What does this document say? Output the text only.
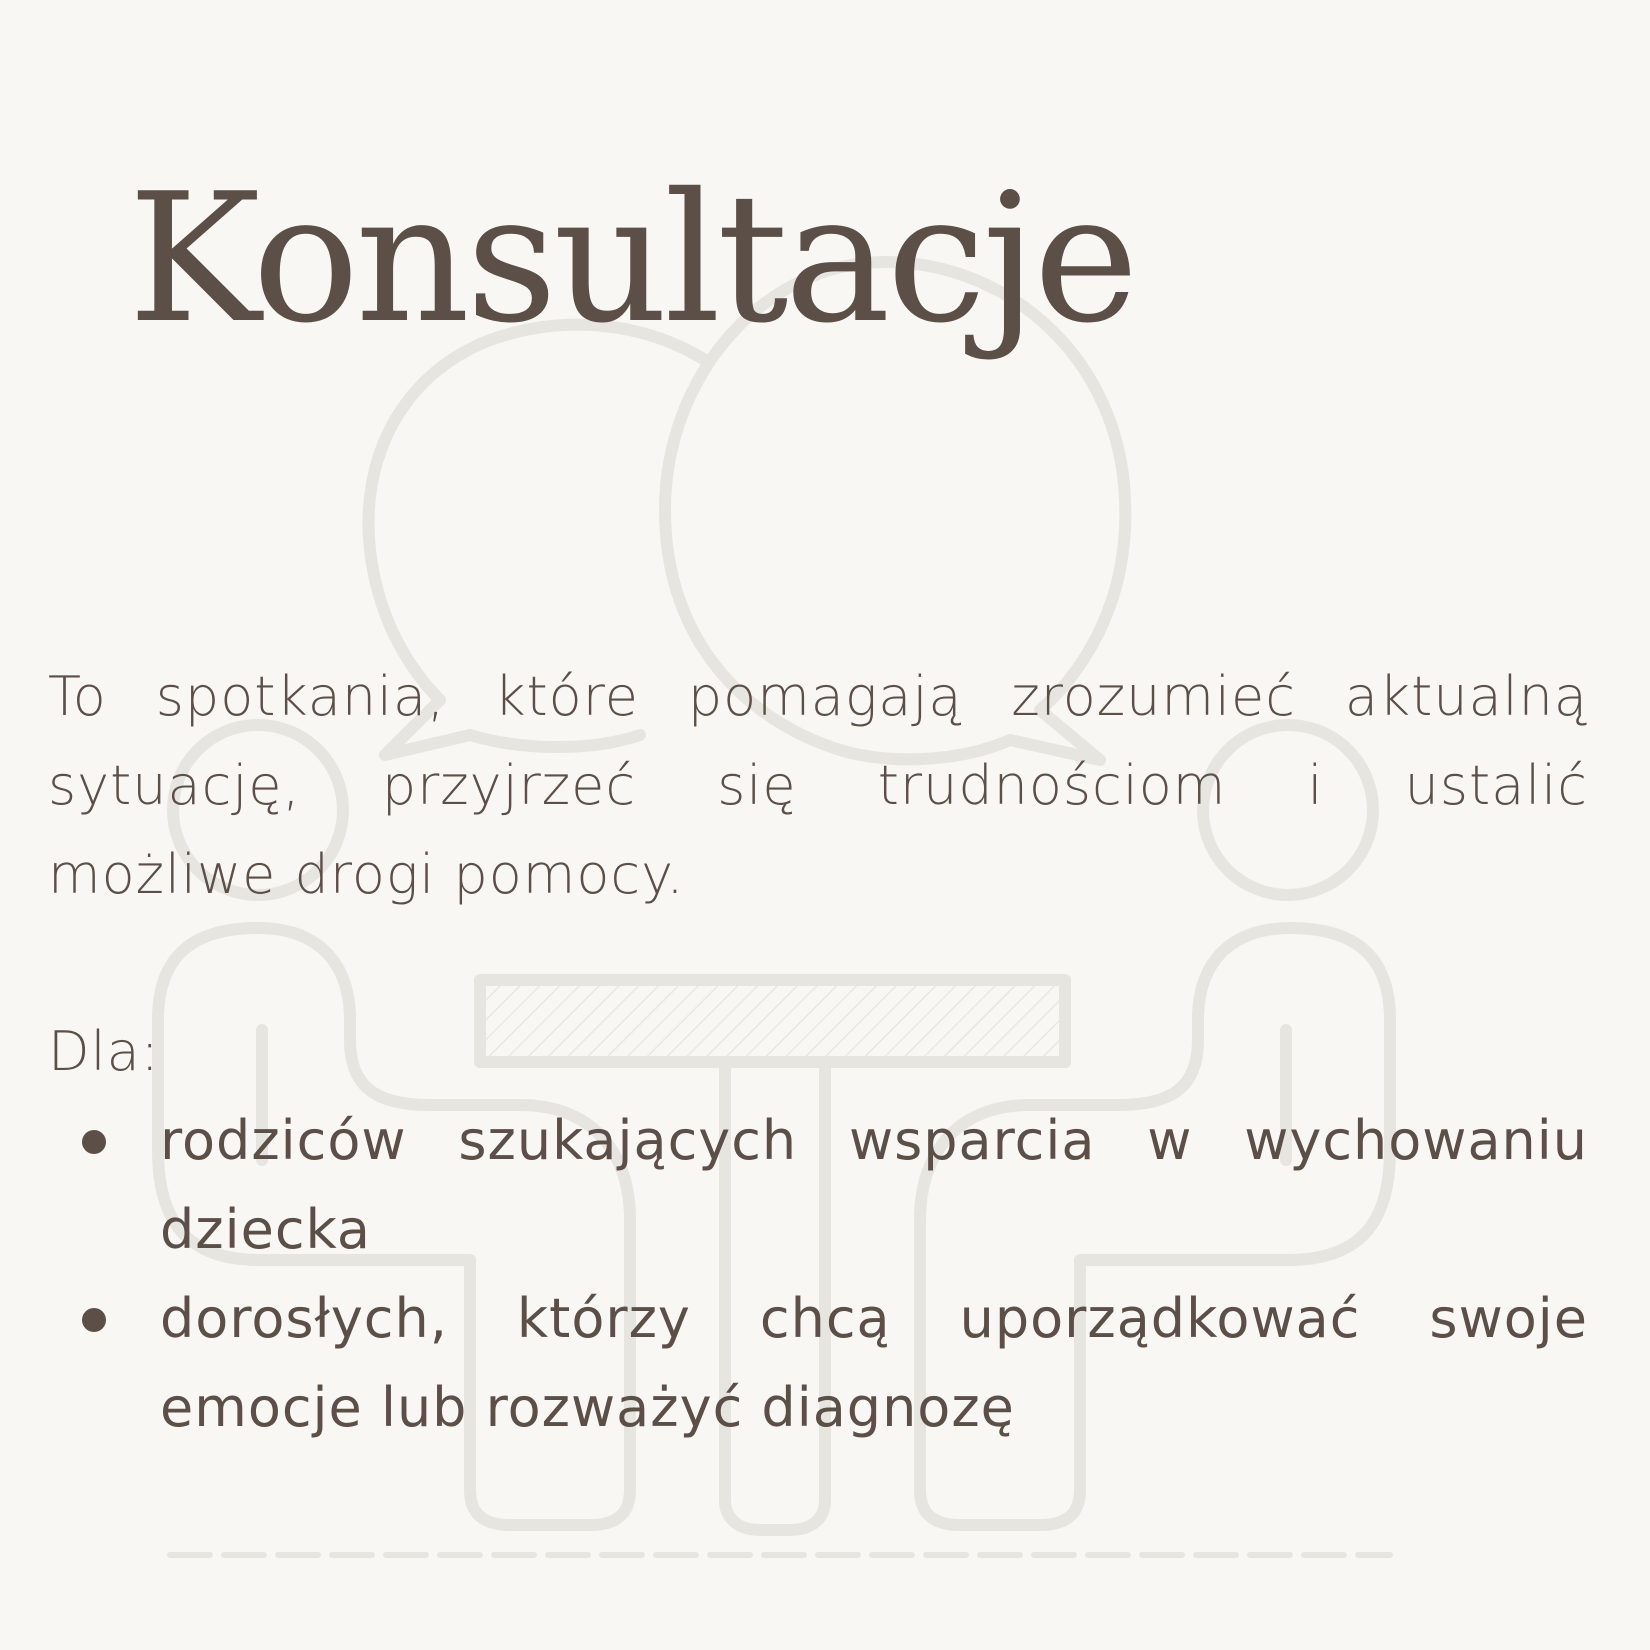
Konsultacje

To spotkania, które pomagają zrozumieć aktualną
sytuację, przyjrzeć się trudnościom i ustalić
możliwe drogi pomocy.

Dla:

rodziców szukających wsparcia w wychowaniu
dziecka
dorosłych, którzy chcą uporządkować swoje
emocje lub rozważyć diagnozę
